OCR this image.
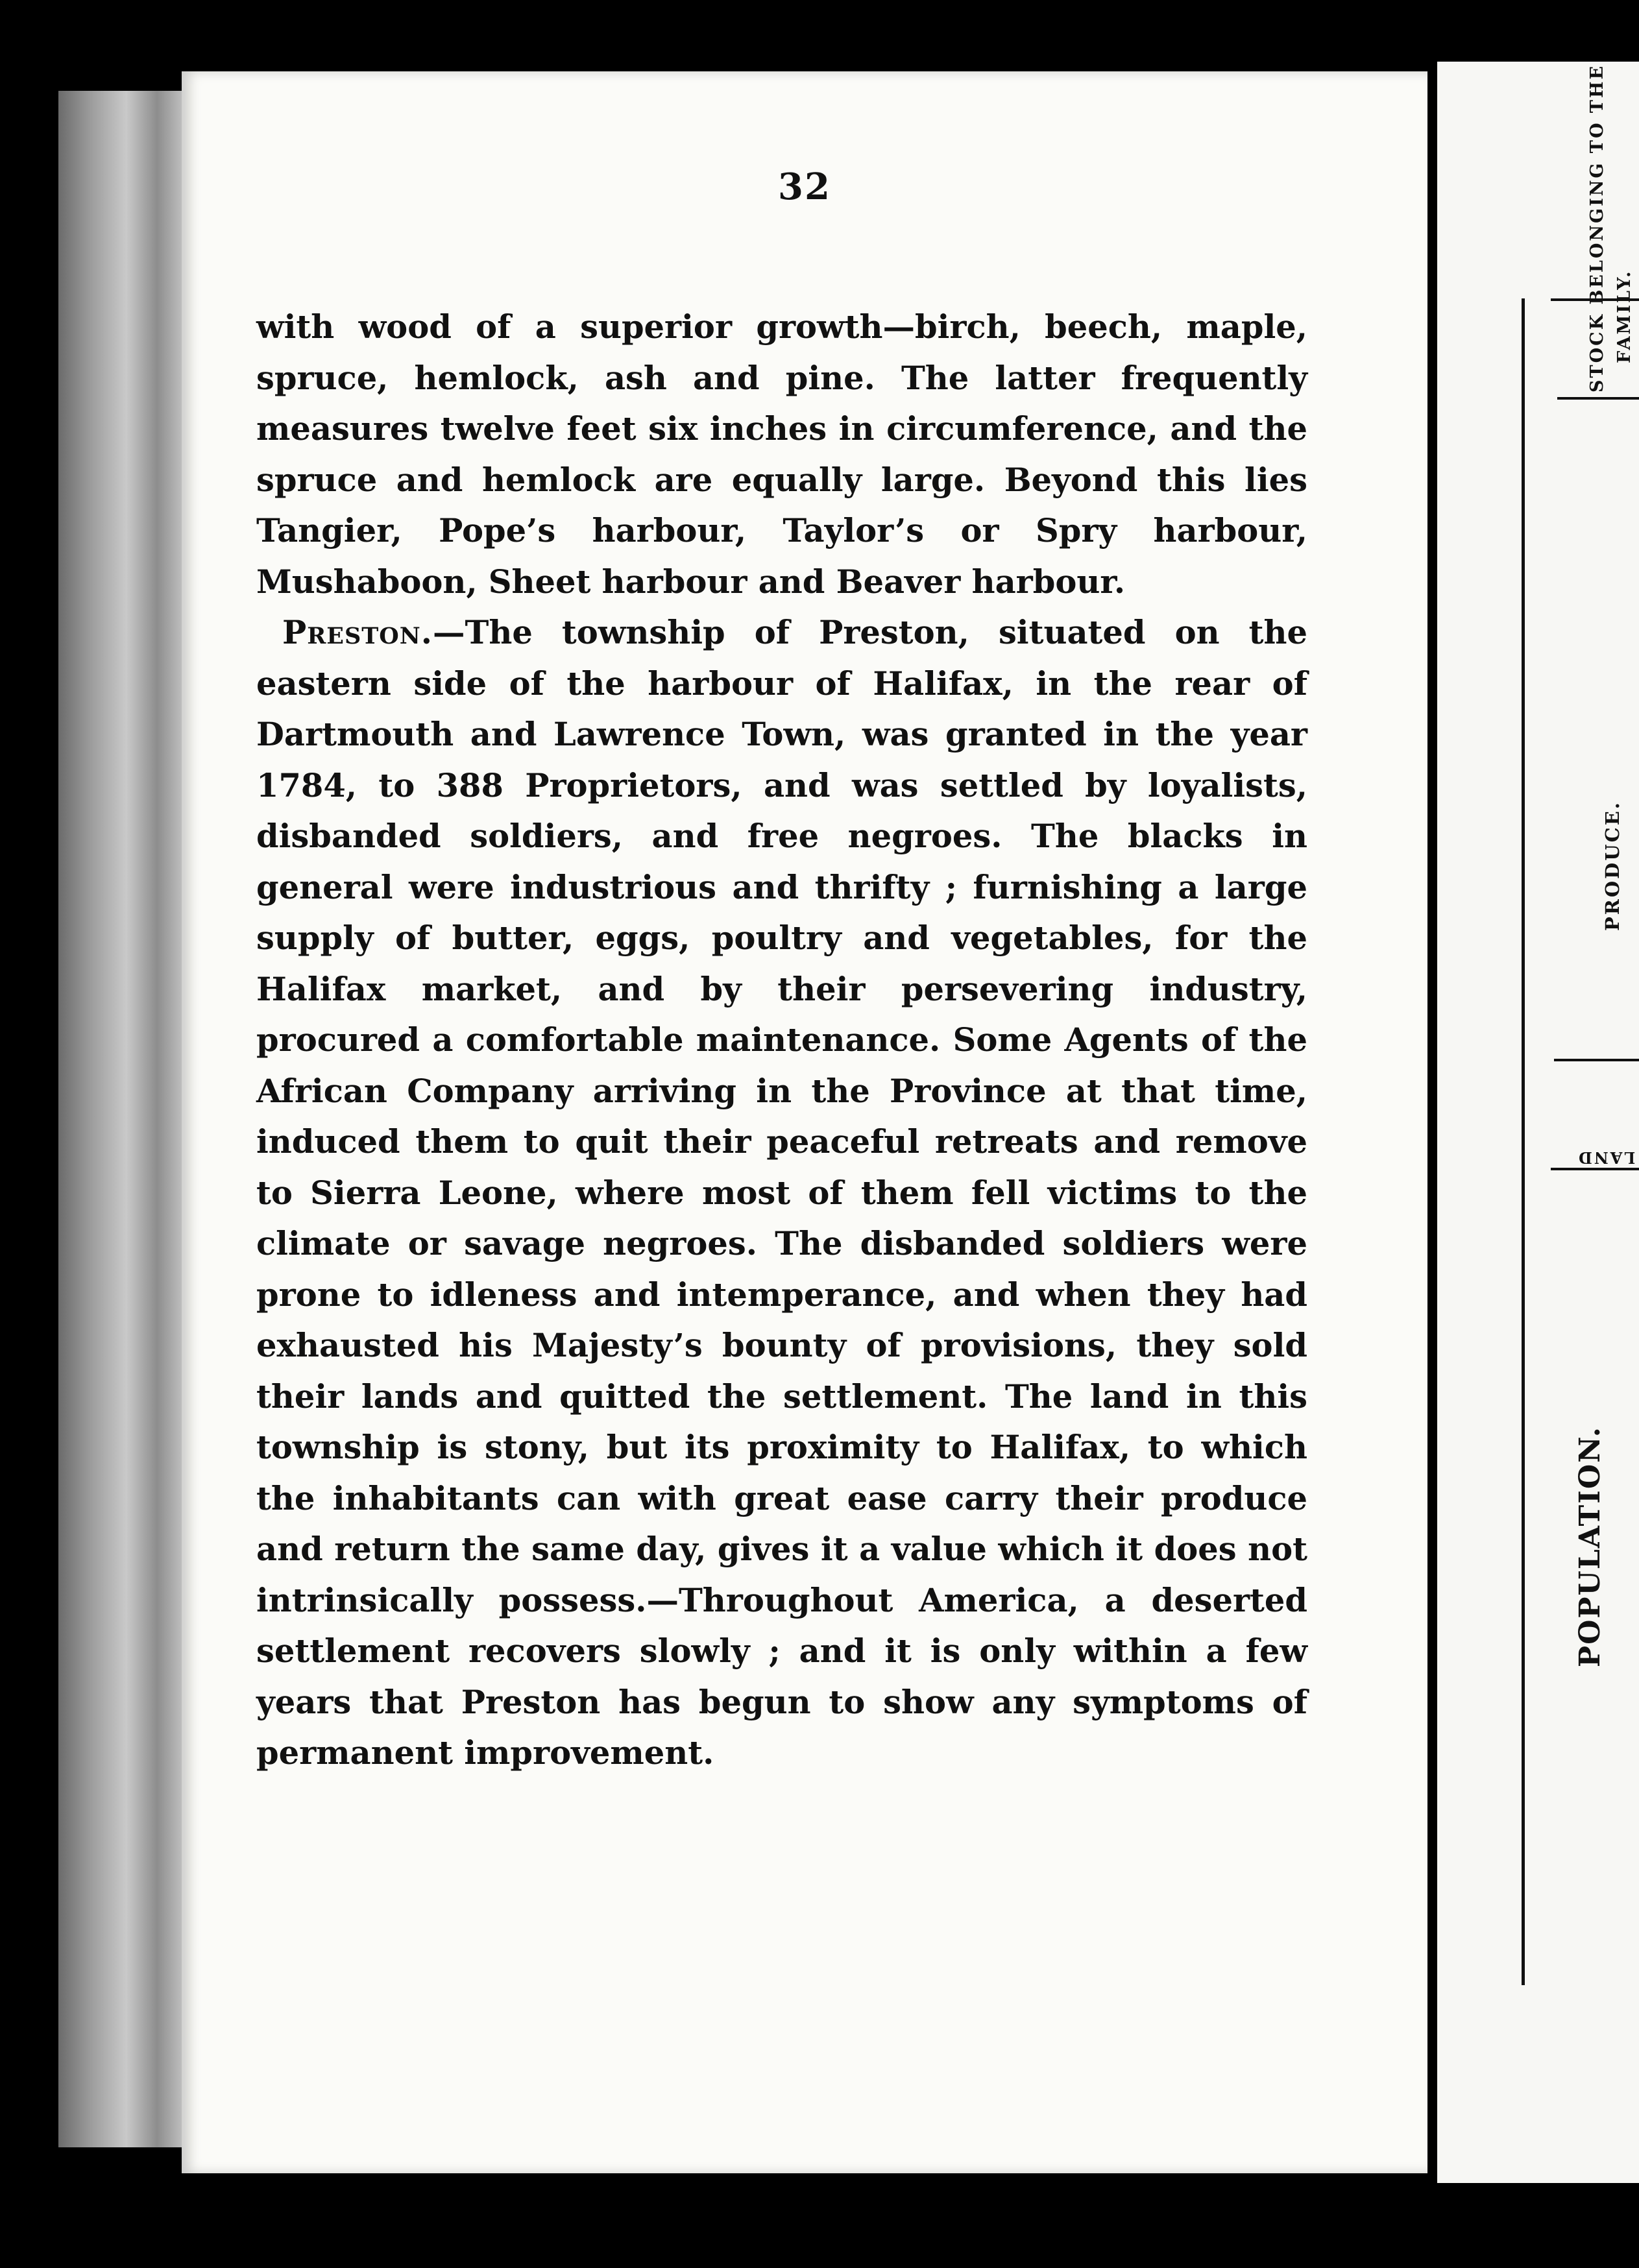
32

with wood of a superior growth—birch, beech, maple, spruce, hemlock, ash and pine. The latter frequently measures twelve feet six inches in circumference, and the spruce and hemlock are equally large. Beyond this lies Tangier, Pope’s harbour, Taylor’s or Spry harbour, Mushaboon, Sheet harbour and Beaver harbour.

Preston.—The township of Preston, situated on the eastern side of the harbour of Halifax, in the rear of Dartmouth and Lawrence Town, was granted in the year 1784, to 388 Proprietors, and was settled by loyalists, disbanded soldiers, and free negroes. The blacks in general were industrious and thrifty ; furnishing a large supply of butter, eggs, poultry and vegetables, for the Halifax market, and by their persevering industry, procured a comfortable maintenance. Some Agents of the African Company arriving in the Province at that time, induced them to quit their peaceful retreats and remove to Sierra Leone, where most of them fell victims to the climate or savage negroes. The disbanded soldiers were prone to idleness and intemperance, and when they had exhausted his Majesty’s bounty of provisions, they sold their lands and quitted the settlement. The land in this township is stony, but its proximity to Halifax, to which the inhabitants can with great ease carry their produce and return the same day, gives it a value which it does not intrinsically possess.—Throughout America, a deserted settlement recovers slowly ; and it is only within a few years that Preston has begun to show any symptoms of permanent improvement.

STOCK BELONGING TO THE FAMILY.
PRODUCE.
POPULATION.
LAND
